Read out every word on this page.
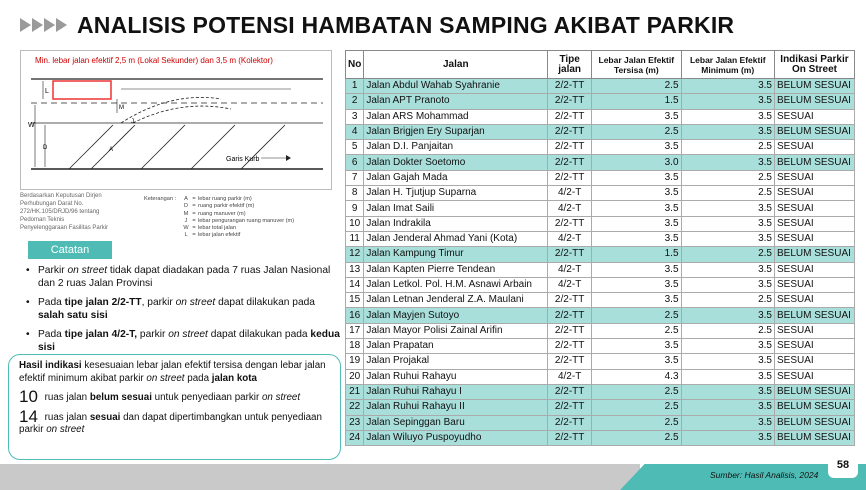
ANALISIS POTENSI HAMBATAN SAMPING AKIBAT PARKIR
Min. lebar jalan efektif 2,5 m (Lokal Sekunder) dan 3,5 m (Kolektor)
L
M
W
D	A
J
Garis Kurb
Berdasarkan Keputusan Dirjen
Perhubungan Darat No.
272/HK.105/DRJD/96 tentang
Pedoman Teknis
Penyelenggaraan Fasilitas Parkir
Keterangan :	A = lebar ruang parkir (m)
D = ruang parkir efektif (m)
M = ruang manuver (m)
J = lebar pengurangan ruang manuver (m)
W = lebar total jalan
L = lebar jalan efektif
Catatan
• Parkir on street tidak dapat diadakan pada 7 ruas Jalan Nasional dan 2 ruas Jalan Provinsi
• Pada tipe jalan 2/2-TT, parkir on street dapat dilakukan pada salah satu sisi
• Pada tipe jalan 4/2-T, parkir on street dapat dilakukan pada kedua sisi
Hasil indikasi kesesuaian lebar jalan efektif tersisa dengan lebar jalan efektif minimum akibat parkir on street pada jalan kota
10 ruas jalan belum sesuai untuk penyediaan parkir on street
14 ruas jalan sesuai dan dapat dipertimbangkan untuk penyediaan parkir on street
No	Jalan	Tipe jalan	Lebar Jalan Efektif Tersisa (m)	Lebar Jalan Efektif Minimum (m)	Indikasi Parkir On Street
1	Jalan Abdul Wahab Syahranie	2/2-TT	2.5	3.5	BELUM SESUAI
2	Jalan APT Pranoto	2/2-TT	1.5	3.5	BELUM SESUAI
3	Jalan ARS Mohammad	2/2-TT	3.5	3.5	SESUAI
4	Jalan Brigjen Ery Suparjan	2/2-TT	2.5	3.5	BELUM SESUAI
5	Jalan D.I. Panjaitan	2/2-TT	3.5	2.5	SESUAI
6	Jalan Dokter Soetomo	2/2-TT	3.0	3.5	BELUM SESUAI
7	Jalan Gajah Mada	2/2-TT	3.5	2.5	SESUAI
8	Jalan H. Tjutjup Suparna	4/2-T	3.5	2.5	SESUAI
9	Jalan Imat Saili	4/2-T	3.5	3.5	SESUAI
10	Jalan Indrakila	2/2-TT	3.5	3.5	SESUAI
11	Jalan Jenderal Ahmad Yani (Kota)	4/2-T	3.5	3.5	SESUAI
12	Jalan Kampung Timur	2/2-TT	1.5	2.5	BELUM SESUAI
13	Jalan Kapten Pierre Tendean	4/2-T	3.5	3.5	SESUAI
14	Jalan Letkol. Pol. H.M. Asnawi Arbain	4/2-T	3.5	3.5	SESUAI
15	Jalan Letnan Jenderal Z.A. Maulani	2/2-TT	3.5	2.5	SESUAI
16	Jalan Mayjen Sutoyo	2/2-TT	2.5	3.5	BELUM SESUAI
17	Jalan Mayor Polisi Zainal Arifin	2/2-TT	2.5	2.5	SESUAI
18	Jalan Prapatan	2/2-TT	3.5	3.5	SESUAI
19	Jalan Projakal	2/2-TT	3.5	3.5	SESUAI
20	Jalan Ruhui Rahayu	4/2-T	4.3	3.5	SESUAI
21	Jalan Ruhui Rahayu I	2/2-TT	2.5	3.5	BELUM SESUAI
22	Jalan Ruhui Rahayu II	2/2-TT	2.5	3.5	BELUM SESUAI
23	Jalan Sepinggan Baru	2/2-TT	2.5	3.5	BELUM SESUAI
24	Jalan Wiluyo Puspoyudho	2/2-TT	2.5	3.5	BELUM SESUAI
Sumber: Hasil Analisis, 2024
58
